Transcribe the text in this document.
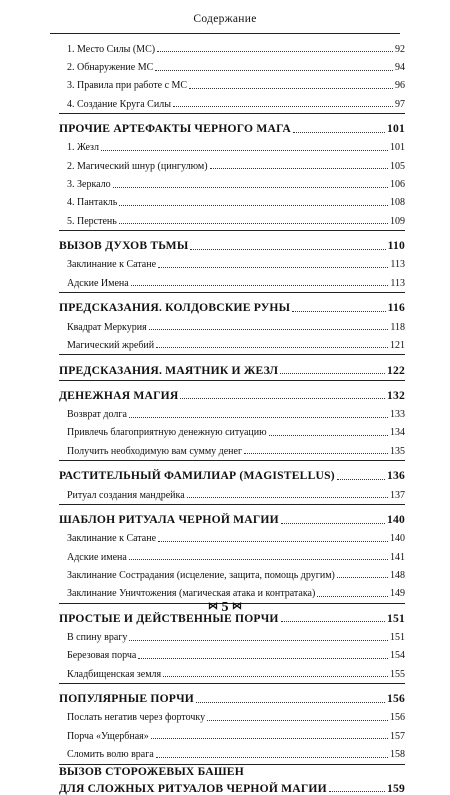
Содержание
1. Место Силы (МС)	92
2. Обнаружение МС	94
3. Правила при работе с МС	96
4. Создание Круга Силы	97
ПРОЧИЕ АРТЕФАКТЫ ЧЕРНОГО МАГА	101
1. Жезл	101
2. Магический шнур (цингулюм)	105
3. Зеркало	106
4. Пантакль	108
5. Перстень	109
ВЫЗОВ ДУХОВ ТЬМЫ	110
Заклинание к Сатане	113
Адские Имена	113
ПРЕДСКАЗАНИЯ. КОЛДОВСКИЕ РУНЫ	116
Квадрат Меркурия	118
Магический жребий	121
ПРЕДСКАЗАНИЯ. МАЯТНИК И ЖЕЗЛ	122
ДЕНЕЖНАЯ МАГИЯ	132
Возврат долга	133
Привлечь благоприятную денежную ситуацию	134
Получить необходимую вам сумму денег	135
РАСТИТЕЛЬНЫЙ ФАМИЛИАР (MAGISTELLUS)	136
Ритуал создания мандрейка	137
ШАБЛОН РИТУАЛА ЧЕРНОЙ МАГИИ	140
Заклинание к Сатане	140
Адские имена	141
Заклинание Сострадания (исцеление, защита, помощь другим)	148
Заклинание Уничтожения (магическая атака и контратака)	149
ПРОСТЫЕ И ДЕЙСТВЕННЫЕ ПОРЧИ	151
В спину врагу	151
Березовая порча	154
Кладбищенская земля	155
ПОПУЛЯРНЫЕ ПОРЧИ	156
Послать негатив через форточку	156
Порча «Ущербная»	157
Сломить волю врага	158
ВЫЗОВ СТОРОЖЕВЫХ БАШЕН
ДЛЯ СЛОЖНЫХ РИТУАЛОВ ЧЕРНОЙ МАГИИ	159
⋈ 5 ⋈
